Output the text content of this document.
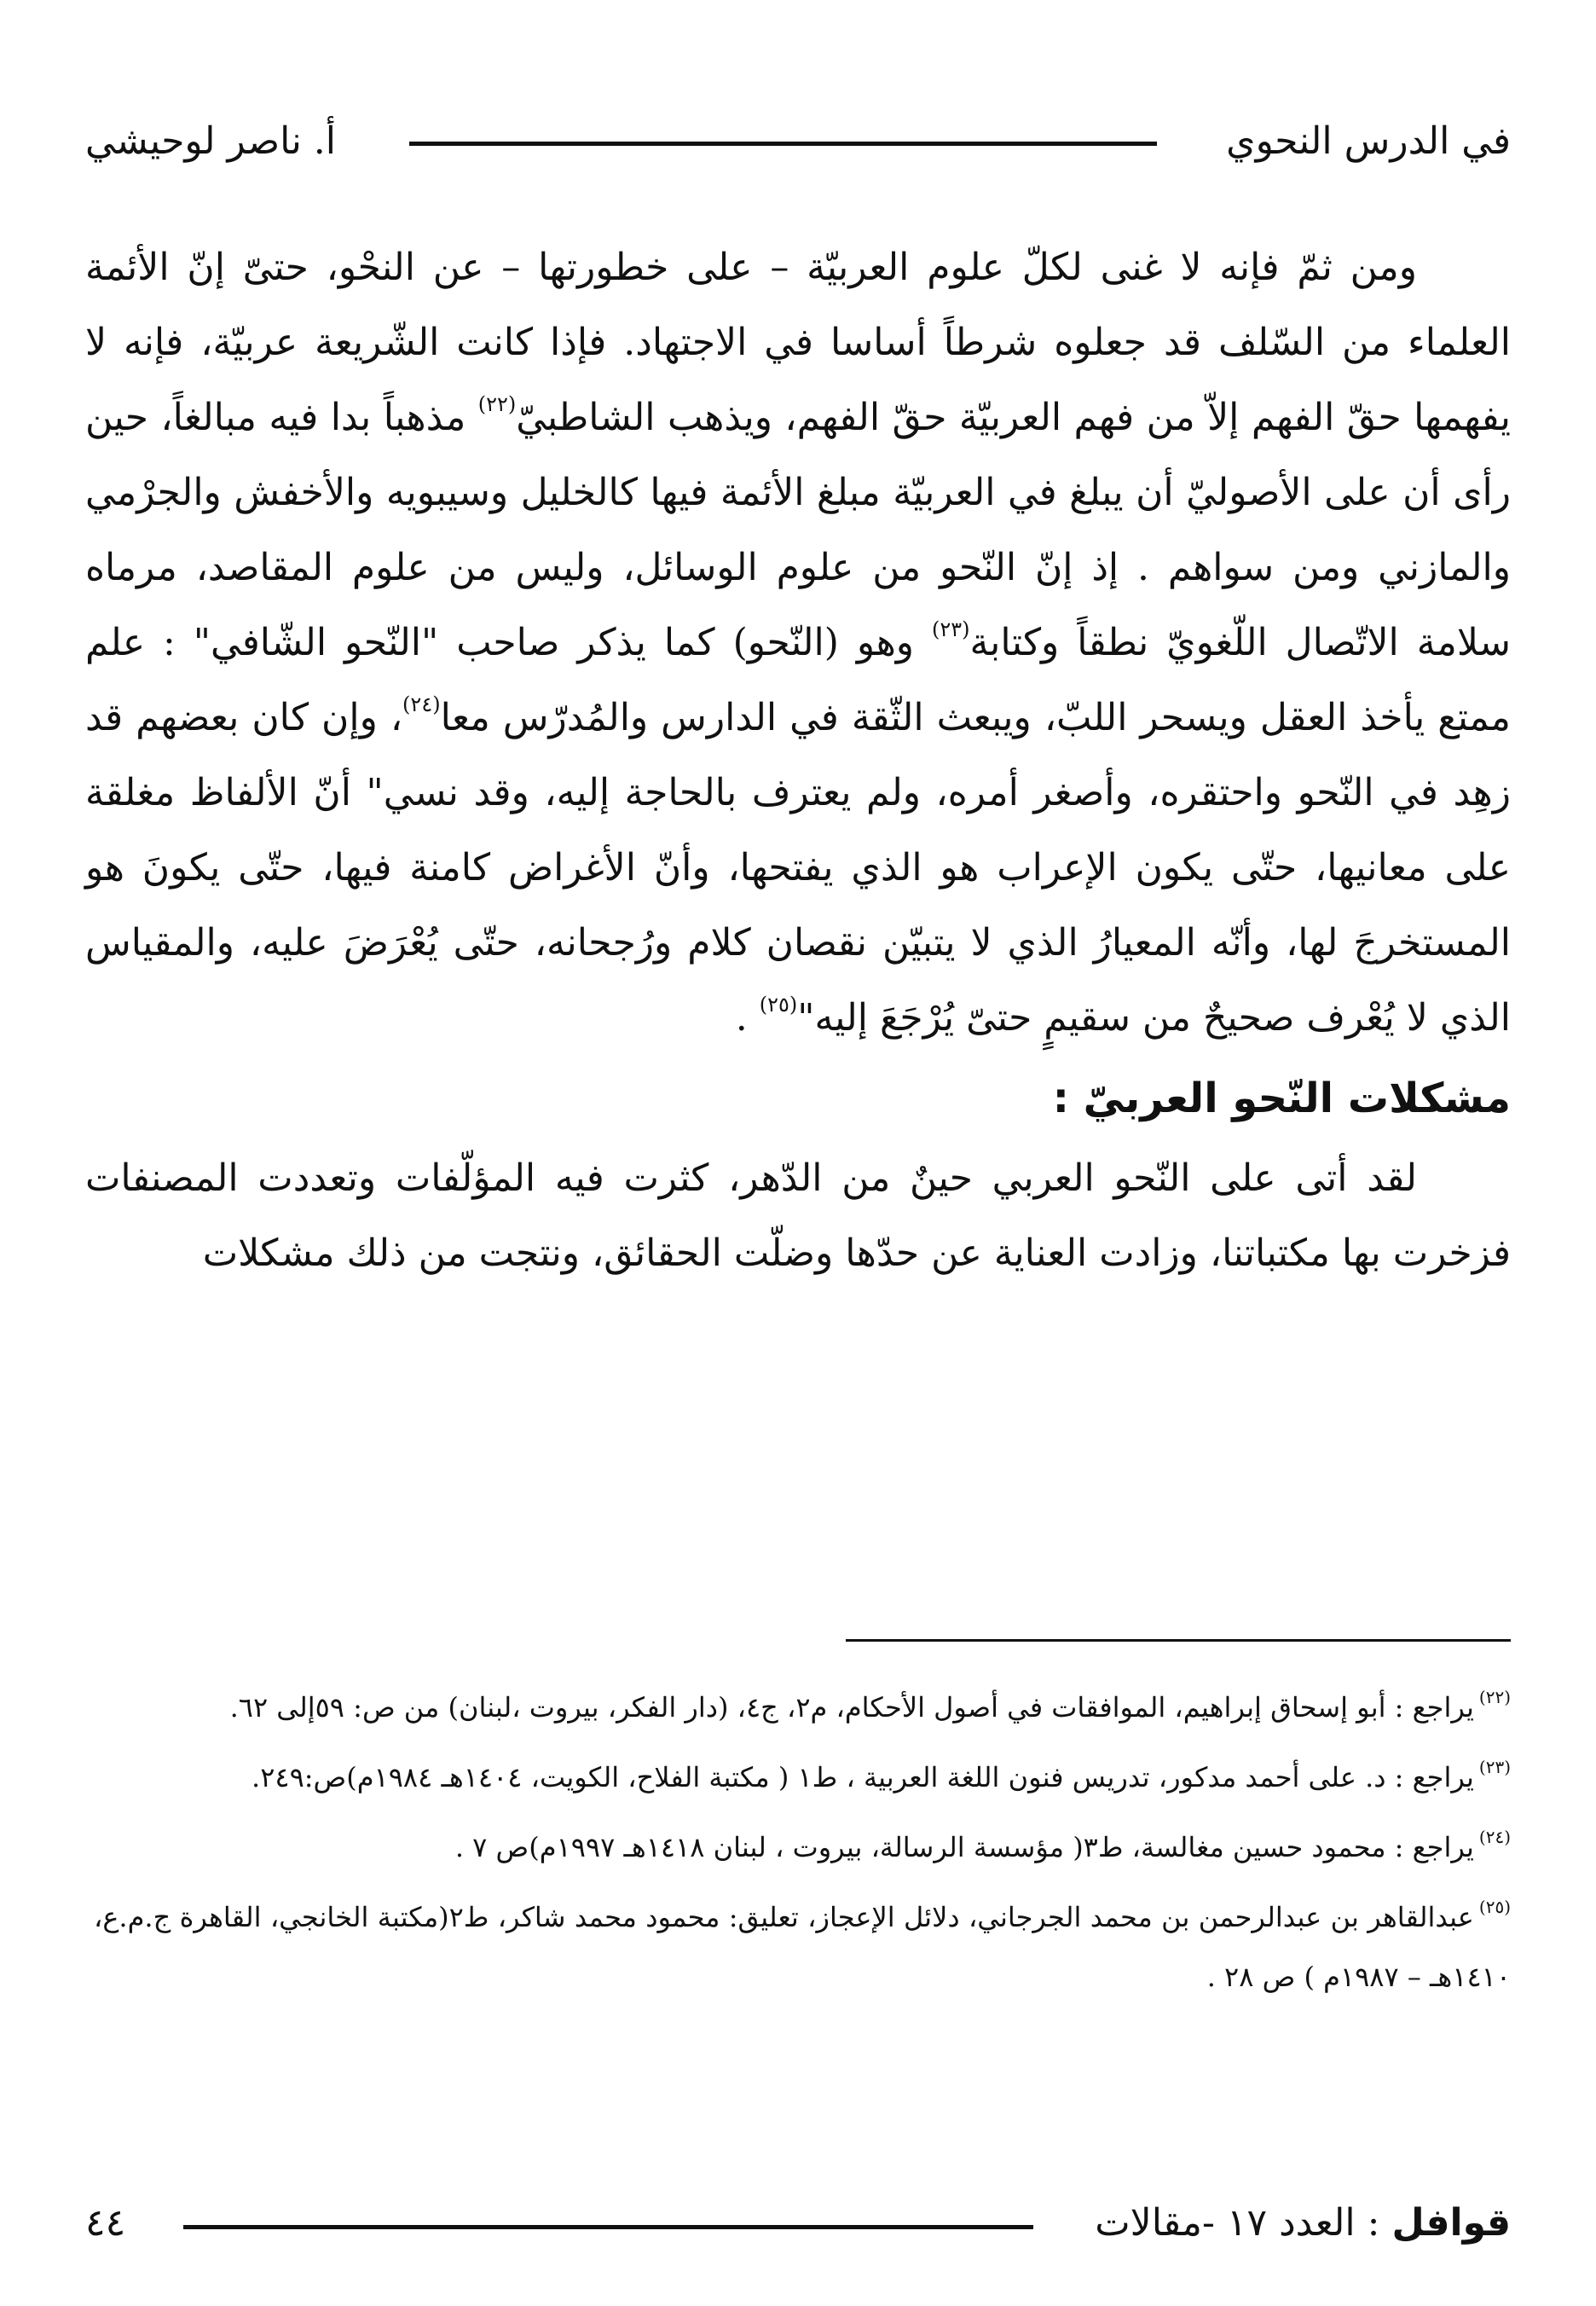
في الدرس النحوي
أ. ناصر لوحيشي

ومن ثمّ فإنه لا غنى لكلّ علوم العربيّة – على خطورتها – عن النحْو، حتىّ إنّ الأئمة العلماء من السّلف قد جعلوه شرطاً أساسا في الاجتهاد. فإذا كانت الشّريعة عربيّة، فإنه لا يفهمها حقّ الفهم إلاّ من فهم العربيّة حقّ الفهم، ويذهب الشاطبيّ$^{(٢٢)}$ مذهباً بدا فيه مبالغاً، حين رأى أن على الأصوليّ أن يبلغ في العربيّة مبلغ الأئمة فيها كالخليل وسيبويه والأخفش والجرْمي والمازني ومن سواهم . إذ إنّ النّحو من علوم الوسائل، وليس من علوم المقاصد، مرماه سلامة الاتّصال اللّغويّ نطقاً وكتابة$^{(٢٣)}$ وهو (النّحو) كما يذكر صاحب "النّحو الشّافي" : علم ممتع يأخذ العقل ويسحر اللبّ، ويبعث الثّقة في الدارس والمُدرّس معا$^{(٢٤)}$، وإن كان بعضهم قد زهِد في النّحو واحتقره، وأصغر أمره، ولم يعترف بالحاجة إليه، وقد نسي" أنّ الألفاظ مغلقة على معانيها، حتّى يكون الإعراب هو الذي يفتحها، وأنّ الأغراض كامنة فيها، حتّى يكونَ هو المستخرجَ لها، وأنّه المعيارُ الذي لا يتبيّن نقصان كلام ورُجحانه، حتّى يُعْرَضَ عليه، والمقياس الذي لا يُعْرف صحيحٌ من سقيمٍ حتىّ يُرْجَعَ إليه"$^{(٢٥)}$ .

مشكلات النّحو العربيّ :

لقد أتى على النّحو العربي حينٌ من الدّهر، كثرت فيه المؤلّفات وتعددت المصنفات فزخرت بها مكتباتنا، وزادت العناية عن حدّها وضلّت الحقائق، ونتجت من ذلك مشكلات

$^{(٢٢)}$يراجع : أبو إسحاق إبراهيم، الموافقات في أصول الأحكام، م٢، ج٤، (دار الفكر، بيروت ،لبنان) من ص: ٥٩إلى ٦٢.

$^{(٢٣)}$يراجع : د. على أحمد مدكور، تدريس فنون اللغة العربية ، ط١ ( مكتبة الفلاح، الكويت، ١٤٠٤هـ ١٩٨٤م)ص:٢٤٩.

$^{(٢٤)}$يراجع : محمود حسين مغالسة، ط٣( مؤسسة الرسالة، بيروت ، لبنان ١٤١٨هـ ١٩٩٧م)ص ٧ .

$^{(٢٥)}$عبدالقاهر بن عبدالرحمن بن محمد الجرجاني، دلائل الإعجاز، تعليق: محمود محمد شاكر، ط٢(مكتبة الخانجي، القاهرة ج.م.ع، ١٤١٠هـ – ١٩٨٧م ) ص ٢٨ .

قوافل : العدد ١٧ -مقالات
٤٤
